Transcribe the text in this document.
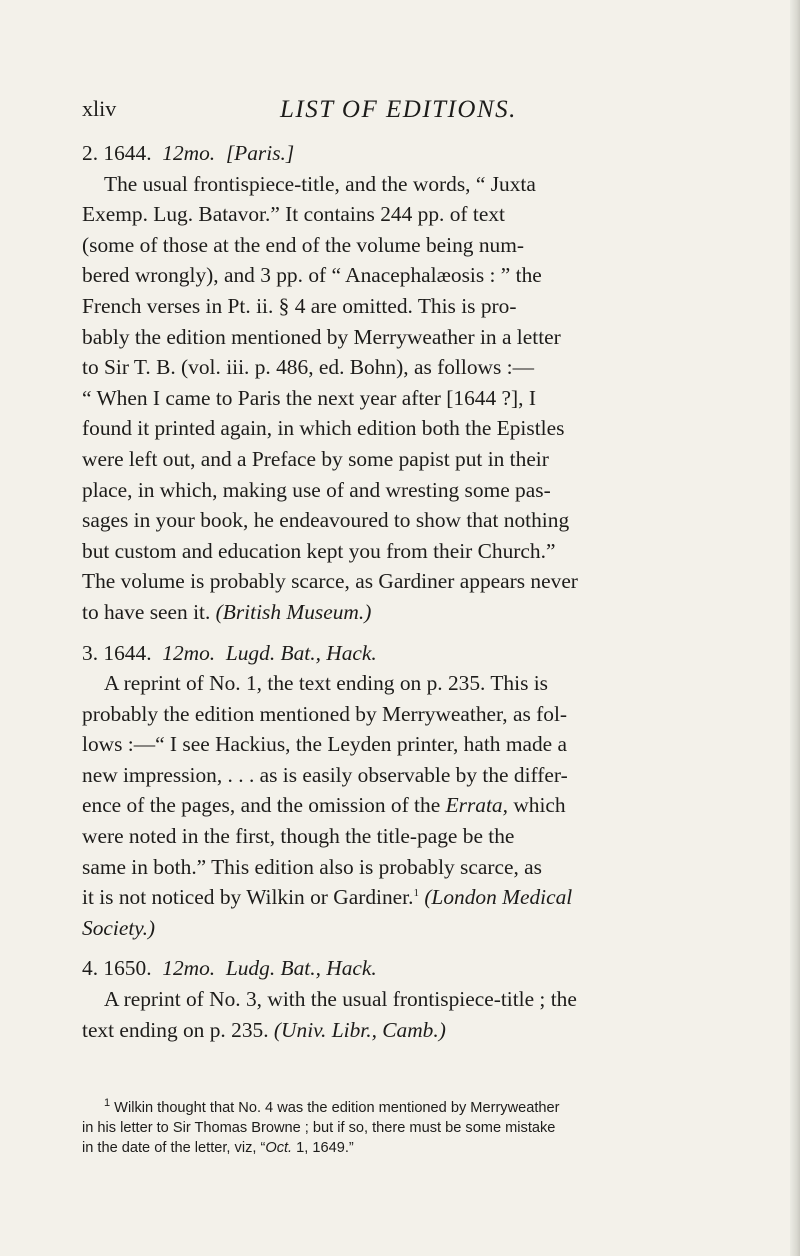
xliv	LIST OF EDITIONS.
2. 1644. 12mo. [Paris.]
The usual frontispiece-title, and the words, “ Juxta
Exemp. Lug. Batavor.” It contains 244 pp. of text
(some of those at the end of the volume being num-
bered wrongly), and 3 pp. of “ Anacephalæosis : ” the
French verses in Pt. ii. § 4 are omitted. This is pro-
bably the edition mentioned by Merryweather in a letter
to Sir T. B. (vol. iii. p. 486, ed. Bohn), as follows :—
“ When I came to Paris the next year after [1644 ?], I
found it printed again, in which edition both the Epistles
were left out, and a Preface by some papist put in their
place, in which, making use of and wresting some pas-
sages in your book, he endeavoured to show that nothing
but custom and education kept you from their Church.”
The volume is probably scarce, as Gardiner appears never
to have seen it. (British Museum.)
3. 1644. 12mo. Lugd. Bat., Hack.
A reprint of No. 1, the text ending on p. 235. This is
probably the edition mentioned by Merryweather, as fol-
lows :—“ I see Hackius, the Leyden printer, hath made a
new impression, . . . as is easily observable by the differ-
ence of the pages, and the omission of the Errata, which
were noted in the first, though the title-page be the
same in both.” This edition also is probably scarce, as
it is not noticed by Wilkin or Gardiner.$^1$ (London Medical
Society.)
4. 1650. 12mo. Ludg. Bat., Hack.
A reprint of No. 3, with the usual frontispiece-title ; the
text ending on p. 235. (Univ. Libr., Camb.)
$^1$ Wilkin thought that No. 4 was the edition mentioned by Merryweather
in his letter to Sir Thomas Browne ; but if so, there must be some mistake
in the date of the letter, viz, “Oct. 1, 1649.”
